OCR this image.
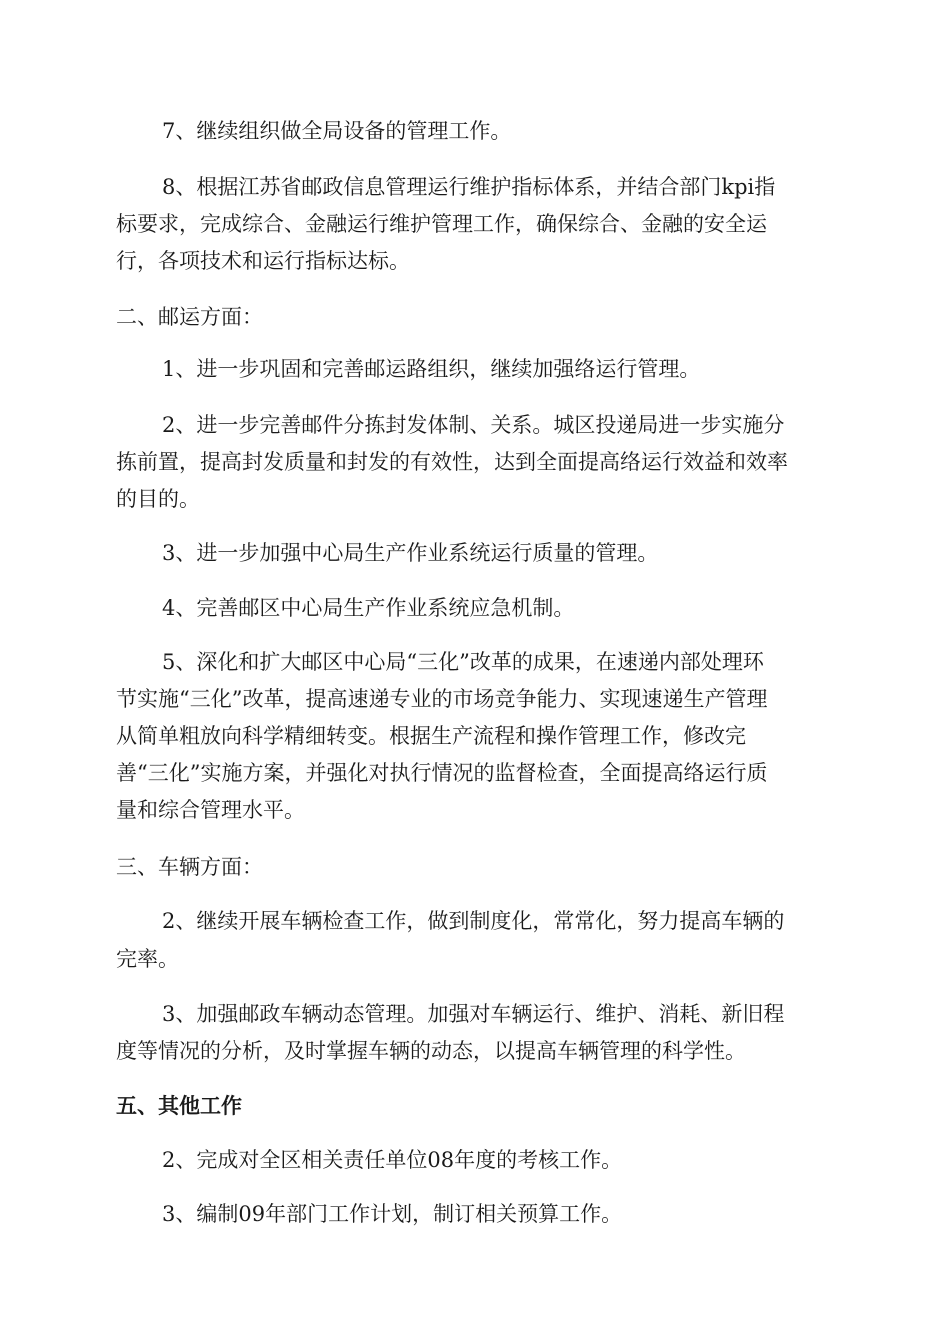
7、继续组织做全局设备的管理工作。

8、根据江苏省邮政信息管理运行维护指标体系，并结合部门kpi指

标要求，完成综合、金融运行维护管理工作，确保综合、金融的安全运

行，各项技术和运行指标达标。

二、邮运方面：

1、进一步巩固和完善邮运路组织，继续加强络运行管理。

2、进一步完善邮件分拣封发体制、关系。城区投递局进一步实施分

拣前置，提高封发质量和封发的有效性，达到全面提高络运行效益和效率

的目的。

3、进一步加强中心局生产作业系统运行质量的管理。

4、完善邮区中心局生产作业系统应急机制。

5、深化和扩大邮区中心局“三化”改革的成果，在速递内部处理环

节实施“三化”改革，提高速递专业的市场竞争能力、实现速递生产管理

从简单粗放向科学精细转变。根据生产流程和操作管理工作，修改完

善“三化”实施方案，并强化对执行情况的监督检查，全面提高络运行质

量和综合管理水平。

三、车辆方面：

2、继续开展车辆检查工作，做到制度化，常常化，努力提高车辆的

完率。

3、加强邮政车辆动态管理。加强对车辆运行、维护、消耗、新旧程

度等情况的分析，及时掌握车辆的动态，以提高车辆管理的科学性。

五、其他工作

2、完成对全区相关责任单位08年度的考核工作。

3、编制09年部门工作计划，制订相关预算工作。
